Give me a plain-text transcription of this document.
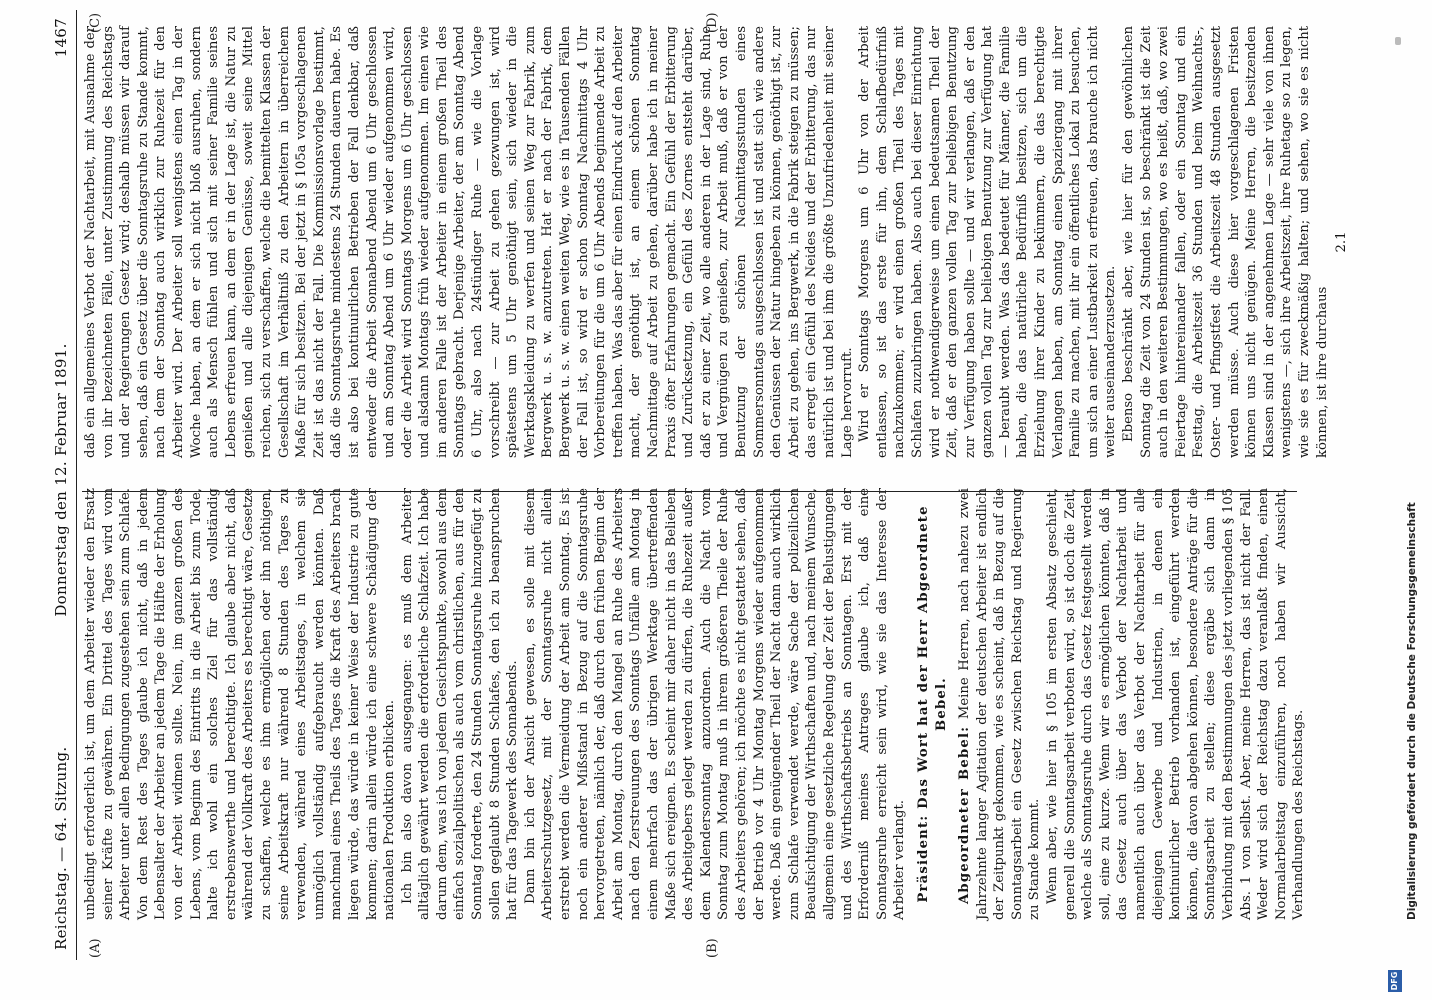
Reichstag. — 64. Sitzung.
Donnerstag den 12. Februar 1891.
1467
(A)	(B)
(C)	(D)

unbedingt erforderlich ist, um dem Arbeiter wieder den Ersatz seiner Kräfte zu gewähren. Ein Drittel des Tages wird vom Arbeiter unter allen Bedingungen zugestehen sein zum Schlafe. Von dem Rest des Tages glaube ich nicht, daß in jedem Lebensalter der Arbeiter an jedem Tage die Hälfte der Erholung von der Arbeit widmen sollte. Nein, im ganzen großen des Lebens, vom Beginn des Eintritts in die Arbeit bis zum Tode, halte ich wohl ein solches Ziel für das vollständig erstrebenswerthe und berechtigte. Ich glaube aber nicht, daß während der Vollkraft des Arbeiters es berechtigt wäre, Gesetze zu schaffen, welche es ihm ermöglichen oder ihn nöthigen, seine Arbeitskraft nur während 8 Stunden des Tages zu verwenden, während eines Arbeitstages, in welchem sie unmöglich vollständig aufgebraucht werden könnten. Daß manchmal eines Theils des Tages die Kraft des Arbeiters brach liegen würde, das würde in keiner Weise der Industrie zu gute kommen; darin allein würde ich eine schwere Schädigung der nationalen Produktion erblicken. Ich bin also davon ausgegangen: es muß dem Arbeiter alltäglich gewährt werden die erforderliche Schlafzeit. Ich habe darum dem, was ich von jedem Gesichtspunkte, sowohl aus dem einfach sozialpolitischen als auch vom christlichen, aus für den Sonntag forderte, den 24 Stunden Sonntagsruhe hinzugefügt zu sollen geglaubt 8 Stunden Schlafes, den ich zu beanspruchen hat für das Tagewerk des Sonnabends. Dann bin ich der Ansicht gewesen, es solle mit diesem Arbeiterschutzgesetz, mit der Sonntagsruhe nicht allein erstrebt werden die Vermeidung der Arbeit am Sonntag. Es ist noch ein anderer Mißstand in Bezug auf die Sonntagsruhe hervorgetreten, nämlich der, daß durch den frühen Beginn der Arbeit am Montag, durch den Mangel an Ruhe des Arbeiters nach den Zerstreuungen des Sonntags Unfälle am Montag in einem mehrfach das der übrigen Werktage übertreffenden Maße sich ereignen. Es scheint mir daher nicht in das Belieben des Arbeitgebers gelegt werden zu dürfen, die Ruhezeit außer dem Kalendersonntag anzuordnen. Auch die Nacht vom Sonntag zum Montag muß in ihrem größeren Theile der Ruhe des Arbeiters gehören; ich möchte es nicht gestattet sehen, daß der Betrieb vor 4 Uhr Montag Morgens wieder aufgenommen werde. Daß ein genügender Theil der Nacht dann auch wirklich zum Schlafe verwendet werde, wäre Sache der polizeilichen Beaufsichtigung der Wirthschaften und, nach meinem Wunsche, allgemein eine gesetzliche Regelung der Zeit der Belustigungen und des Wirthschaftsbetriebs an Sonntagen. Erst mit der Erforderniß meines Antrages glaube ich, daß eine Sonntagsruhe erreicht sein wird, wie sie das Interesse der Arbeiter verlangt. Präsident: Das Wort hat der Herr Abgeordnete Bebel.

Abgeordneter Bebel: Meine Herren, nach nahezu zwei Jahrzehnte langer Agitation der deutschen Arbeiter ist endlich der Zeitpunkt gekommen, wie es scheint, daß in Bezug auf die Sonntagsarbeit ein Gesetz zwischen Reichstag und Regierung zu Stande kommt. Wenn aber, wie hier in § 105 im ersten Absatz geschieht, generell die Sonntagsarbeit verboten wird, so ist doch die Zeit, welche als Sonntagsruhe durch das Gesetz festgestellt werden soll, eine zu kurze. Wenn wir es ermöglichen könnten, daß in das Gesetz auch über das Verbot der Nachtarbeit und namentlich auch über das Verbot der Nachtarbeit für alle diejenigen Gewerbe und Industrien, in denen ein kontinuirlicher Betrieb vorhanden ist, eingeführt werden können, die davon abgehen können, besondere Anträge für die Sonntagsarbeit zu stellen; diese ergäbe sich dann in Verbindung mit den Bestimmungen des jetzt vorliegenden § 105 Abs. 1 von selbst. Aber, meine Herren, das ist nicht der Fall. Weder wird sich der Reichstag dazu veranlaßt finden, einen Normalarbeitstag einzuführen, noch haben wir Aussicht, Verhandlungen des Reichstags.

daß ein allgemeines Verbot der Nachtarbeit, mit Ausnahme der von ihr bezeichneten Fälle, unter Zustimmung des Reichstags und der Regierungen Gesetz wird; deshalb müssen wir darauf sehen, daß ein Gesetz über die Sonntagsruhe zu Stande kommt, nach dem der Sonntag auch wirklich zur Ruhezeit für den Arbeiter wird. Der Arbeiter soll wenigstens einen Tag in der Woche haben, an dem er sich nicht bloß ausruhen, sondern auch als Mensch fühlen und sich mit seiner Familie seines Lebens erfreuen kann, an dem er in der Lage ist, die Natur zu genießen und alle diejenigen Genüsse, soweit seine Mittel reichen, sich zu verschaffen, welche die bemittelten Klassen der Gesellschaft im Verhältniß zu den Arbeitern in überreichem Maße für sich besitzen. Bei der jetzt in § 105a vorgeschlagenen Zeit ist das nicht der Fall. Die Kommissionsvorlage bestimmt, daß die Sonntagsruhe mindestens 24 Stunden dauern habe. Es ist also bei kontinuirlichen Betrieben der Fall denkbar, daß entweder die Arbeit Sonnabend Abend um 6 Uhr geschlossen und am Sonntag Abend um 6 Uhr wieder aufgenommen wird, oder die Arbeit wird Sonntags Morgens um 6 Uhr geschlossen und alsdann Montags früh wieder aufgenommen. Im einen wie im anderen Falle ist der Arbeiter in einem großen Theil des Sonntags gebracht. Derjenige Arbeiter, der am Sonntag Abend 6 Uhr, also nach 24stündiger Ruhe — wie die Vorlage vorschreibt — zur Arbeit zu gehen gezwungen ist, wird spätestens um 5 Uhr genöthigt sein, sich wieder in die Werktagskleidung zu werfen und seinen Weg zur Fabrik, zum Bergwerk u. s. w. anzutreten. Hat er nach der Fabrik, dem Bergwerk u. s. w. einen weiten Weg, wie es in Tausenden Fällen der Fall ist, so wird er schon Sonntag Nachmittags 4 Uhr Vorbereitungen für die um 6 Uhr Abends beginnende Arbeit zu treffen haben. Was das aber für einen Eindruck auf den Arbeiter macht, der genöthigt ist, an einem schönen Sonntag Nachmittage auf Arbeit zu gehen, darüber habe ich in meiner Praxis öfter Erfahrungen gemacht. Ein Gefühl der Erbitterung und Zurücksetzung, ein Gefühl des Zornes entsteht darüber, daß er zu einer Zeit, wo alle anderen in der Lage sind, Ruhe und Vergnügen zu genießen, zur Arbeit muß, daß er von der Benutzung der schönen Nachmittagsstunden eines Sommersonntags ausgeschlossen ist und statt sich wie andere den Genüssen der Natur hingeben zu können, genöthigt ist, zur Arbeit zu gehen, ins Bergwerk, in die Fabrik steigen zu müssen; das erregt ein Gefühl des Neides und der Erbitterung, das nur natürlich ist und bei ihm die größte Unzufriedenheit mit seiner Lage hervorruft. Wird er Sonntags Morgens um 6 Uhr von der Arbeit entlassen, so ist das erste für ihn, dem Schlafbedürfniß nachzukommen; er wird einen großen Theil des Tages mit Schlafen zuzubringen haben. Also auch bei dieser Einrichtung wird er nothwendigerweise um einen bedeutsamen Theil der Zeit, daß er den ganzen vollen Tag zur beliebigen Benutzung zur Verfügung haben sollte — und wir verlangen, daß er den ganzen vollen Tag zur beliebigen Benutzung zur Verfügung hat — beraubt werden. Was das bedeutet für Männer, die Familie haben, die das natürliche Bedürfniß besitzen, sich um die Erziehung ihrer Kinder zu bekümmern, die das berechtigte Verlangen haben, am Sonntag einen Spaziergang mit ihrer Familie zu machen, mit ihr ein öffentliches Lokal zu besuchen, um sich an einer Lustbarkeit zu erfreuen, das brauche ich nicht weiter auseinanderzusetzen. Ebenso beschränkt aber, wie hier für den gewöhnlichen Sonntag die Zeit von 24 Stunden ist, so beschränkt ist die Zeit auch in den weiteren Bestimmungen, wo es heißt, daß, wo zwei Feiertage hintereinander fallen, oder ein Sonntag und ein Festtag, die Arbeitszeit 36 Stunden und beim Weihnachts-, Oster- und Pfingstfest die Arbeitszeit 48 Stunden ausgesetzt werden müsse. Auch diese hier vorgeschlagenen Fristen können uns nicht genügen. Meine Herren, die besitzenden Klassen sind in der angenehmen Lage — sehr viele von ihnen wenigstens —, sich ihre Arbeitszeit, ihre Ruhetage so zu legen, wie sie es für zweckmäßig halten; und sehen, wo sie es nicht können, ist ihre durchaus

2.1

DFG
Digitalisierung gefördert durch die Deutsche Forschungsgemeinschaft
